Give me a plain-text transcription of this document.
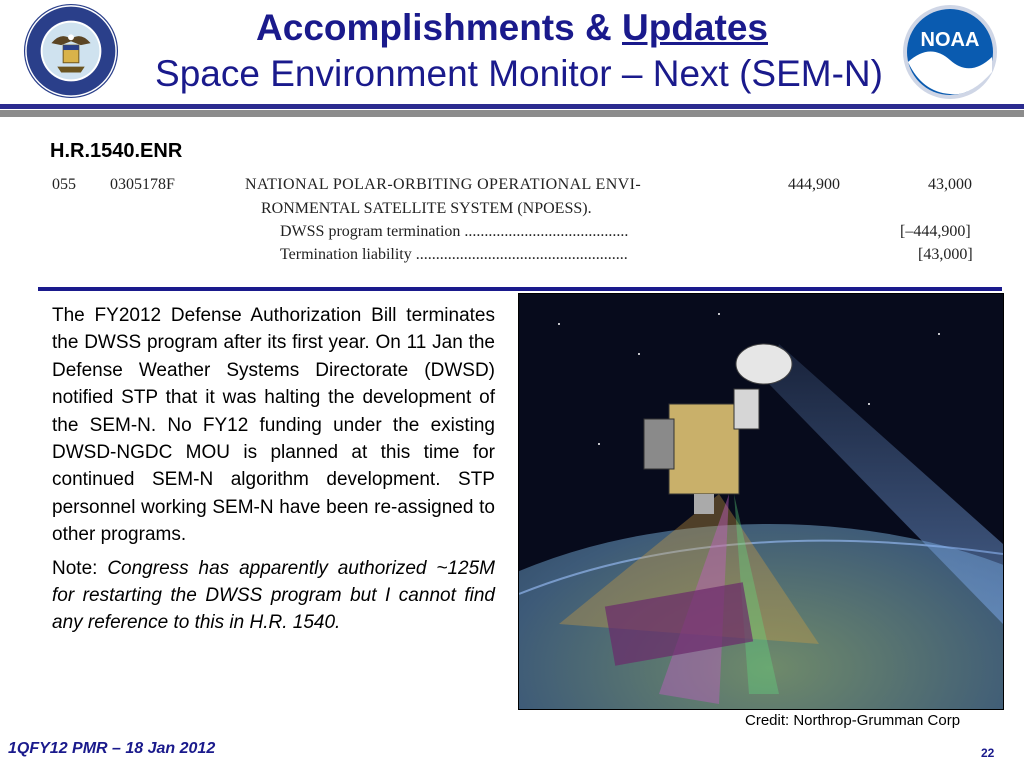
NOAA
Accomplishments & Updates
Space Environment Monitor – Next (SEM-N)
H.R.1540.ENR
055 0305178F	NATIONAL POLAR-ORBITING OPERATIONAL ENVI-	444,900	43,000
RONMENTAL SATELLITE SYSTEM (NPOESS).
DWSS program termination .........................................	[–444,900]
Termination liability .....................................................	[43,000]

The FY2012 Defense Authorization Bill terminates the DWSS program after its first year. On 11 Jan the Defense Weather Systems Directorate (DWSD) notified STP that it was halting the development of the SEM-N. No FY12 funding under the existing DWSD-NGDC MOU is planned at this time for continued SEM-N algorithm development. STP personnel working SEM-N have been re-assigned to other programs.

Note: Congress has apparently authorized ~125M for restarting the DWSS program but I cannot find any reference to this in H.R. 1540.

Credit: Northrop-Grumman Corp
1QFY12 PMR – 18 Jan 2012	22
